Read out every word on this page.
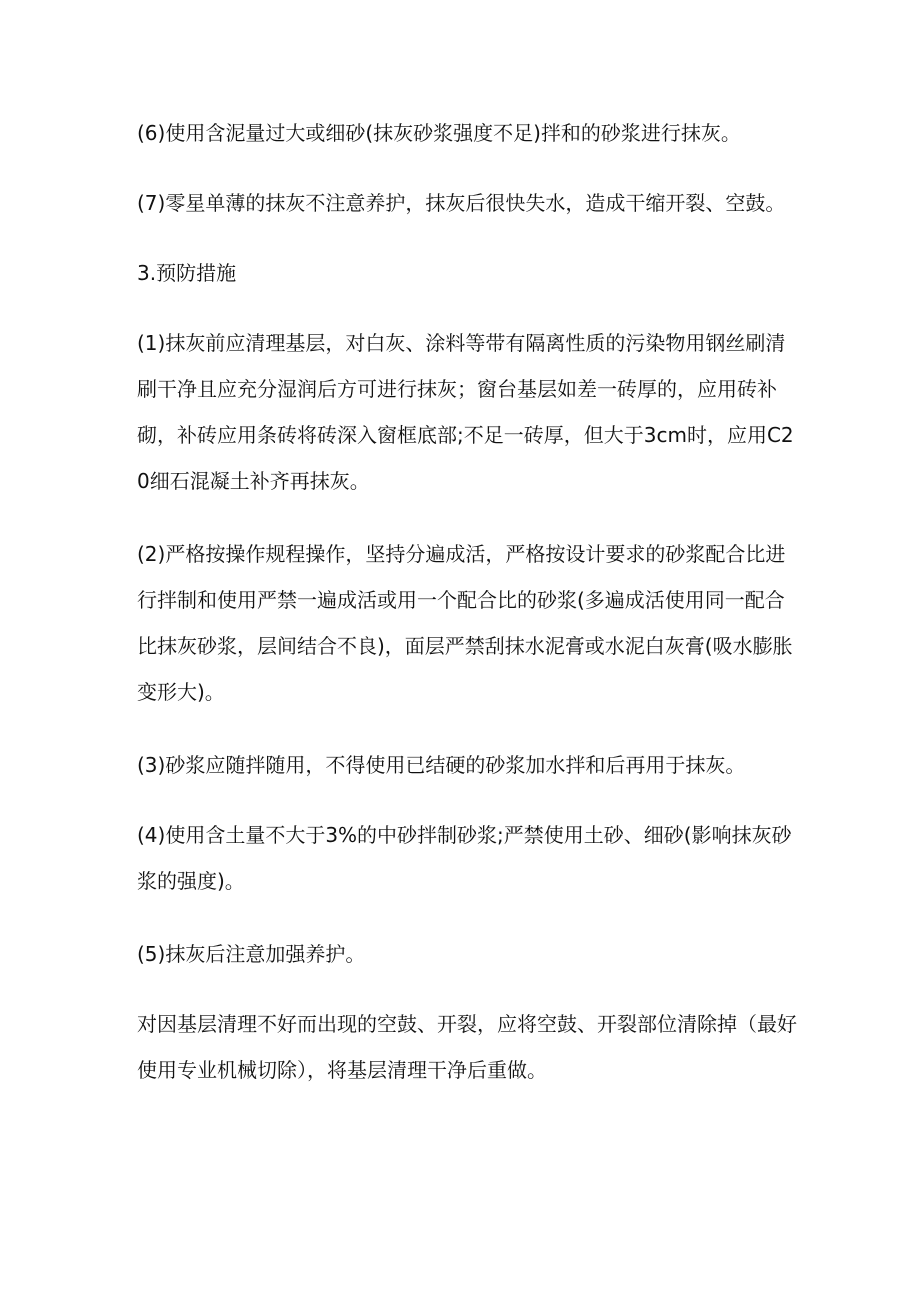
(6)使用含泥量过大或细砂(抹灰砂浆强度不足)拌和的砂浆进行抹灰。

(7)零星单薄的抹灰不注意养护，抹灰后很快失水，造成干缩开裂、空鼓。

3.预防措施

(1)抹灰前应清理基层，对白灰、涂料等带有隔离性质的污染物用钢丝刷清刷干净且应充分湿润后方可进行抹灰；窗台基层如差一砖厚的，应用砖补砌，补砖应用条砖将砖深入窗框底部;不足一砖厚，但大于3cm时，应用C20细石混凝土补齐再抹灰。

(2)严格按操作规程操作，坚持分遍成活，严格按设计要求的砂浆配合比进行拌制和使用严禁一遍成活或用一个配合比的砂浆(多遍成活使用同一配合比抹灰砂浆，层间结合不良)，面层严禁刮抹水泥膏或水泥白灰膏(吸水膨胀变形大)。

(3)砂浆应随拌随用，不得使用已结硬的砂浆加水拌和后再用于抹灰。

(4)使用含土量不大于3%的中砂拌制砂浆;严禁使用土砂、细砂(影响抹灰砂浆的强度)。

(5)抹灰后注意加强养护。

对因基层清理不好而出现的空鼓、开裂，应将空鼓、开裂部位清除掉（最好使用专业机械切除），将基层清理干净后重做。
